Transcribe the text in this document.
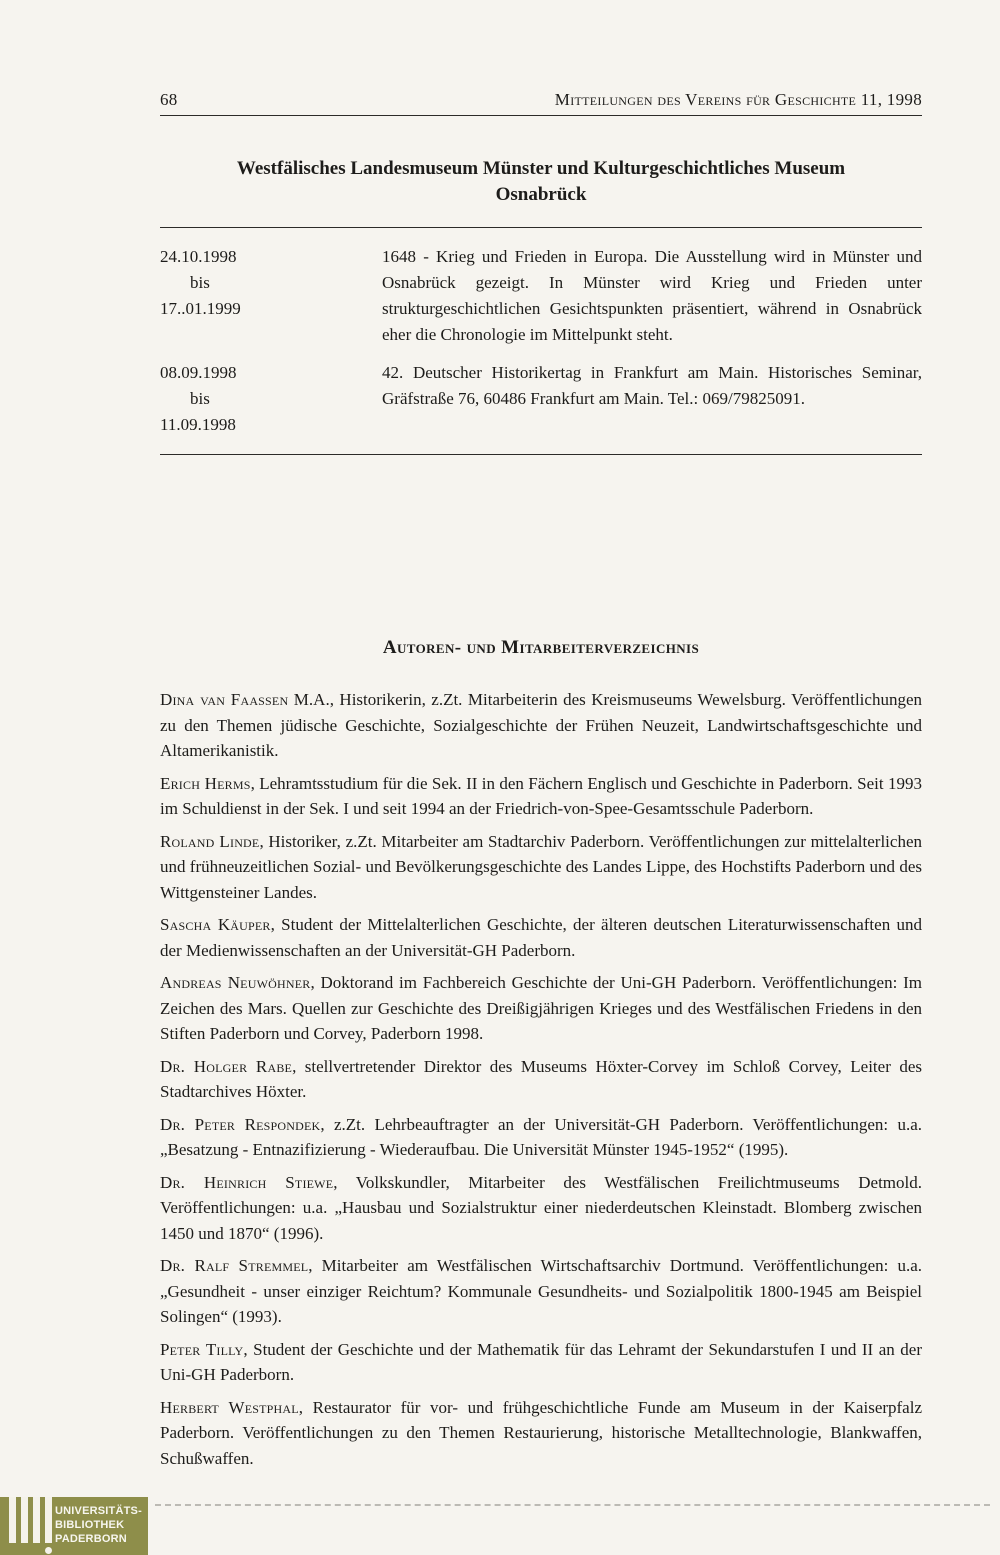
68	Mitteilungen des Vereins für Geschichte 11, 1998
Westfälisches Landesmuseum Münster und Kulturgeschichtliches Museum
Osnabrück
24.10.1998
bis
17..01.1999
1648 - Krieg und Frieden in Europa. Die Ausstellung wird in Münster und Osnabrück gezeigt. In Münster wird Krieg und Frieden unter strukturgeschichtlichen Gesichtspunkten präsentiert, während in Osnabrück eher die Chronologie im Mittelpunkt steht.
08.09.1998
bis
11.09.1998
42. Deutscher Historikertag in Frankfurt am Main. Historisches Seminar, Gräfstraße 76, 60486 Frankfurt am Main. Tel.: 069/79825091.
Autoren- und Mitarbeiterverzeichnis

Dina van Faassen M.A., Historikerin, z.Zt. Mitarbeiterin des Kreismuseums Wewelsburg. Veröffentlichungen zu den Themen jüdische Geschichte, Sozialgeschichte der Frühen Neuzeit, Landwirtschaftsgeschichte und Altamerikanistik.

Erich Herms, Lehramtsstudium für die Sek. II in den Fächern Englisch und Geschichte in Paderborn. Seit 1993 im Schuldienst in der Sek. I und seit 1994 an der Friedrich-von-Spee-Gesamtsschule Paderborn.

Roland Linde, Historiker, z.Zt. Mitarbeiter am Stadtarchiv Paderborn. Veröffentlichungen zur mittelalterlichen und frühneuzeitlichen Sozial- und Bevölkerungsgeschichte des Landes Lippe, des Hochstifts Paderborn und des Wittgensteiner Landes.

Sascha Käuper, Student der Mittelalterlichen Geschichte, der älteren deutschen Literaturwissenschaften und der Medienwissenschaften an der Universität-GH Paderborn.

Andreas Neuwöhner, Doktorand im Fachbereich Geschichte der Uni-GH Paderborn. Veröffentlichungen: Im Zeichen des Mars. Quellen zur Geschichte des Dreißigjährigen Krieges und des Westfälischen Friedens in den Stiften Paderborn und Corvey, Paderborn 1998.

Dr. Holger Rabe, stellvertretender Direktor des Museums Höxter-Corvey im Schloß Corvey, Leiter des Stadtarchives Höxter.

Dr. Peter Respondek, z.Zt. Lehrbeauftragter an der Universität-GH Paderborn. Veröffentlichungen: u.a. „Besatzung - Entnazifizierung - Wiederaufbau. Die Universität Münster 1945-1952“ (1995).

Dr. Heinrich Stiewe, Volkskundler, Mitarbeiter des Westfälischen Freilichtmuseums Detmold. Veröffentlichungen: u.a. „Hausbau und Sozialstruktur einer niederdeutschen Kleinstadt. Blomberg zwischen 1450 und 1870“ (1996).

Dr. Ralf Stremmel, Mitarbeiter am Westfälischen Wirtschaftsarchiv Dortmund. Veröffentlichungen: u.a. „Gesundheit - unser einziger Reichtum? Kommunale Gesundheits- und Sozialpolitik 1800-1945 am Beispiel Solingen“ (1993).

Peter Tilly, Student der Geschichte und der Mathematik für das Lehramt der Sekundarstufen I und II an der Uni-GH Paderborn.

Herbert Westphal, Restaurator für vor- und frühgeschichtliche Funde am Museum in der Kaiserpfalz Paderborn. Veröffentlichungen zu den Themen Restaurierung, historische Metalltechnologie, Blankwaffen, Schußwaffen.

UNIVERSITÄTS-
BIBLIOTHEK
PADERBORN
